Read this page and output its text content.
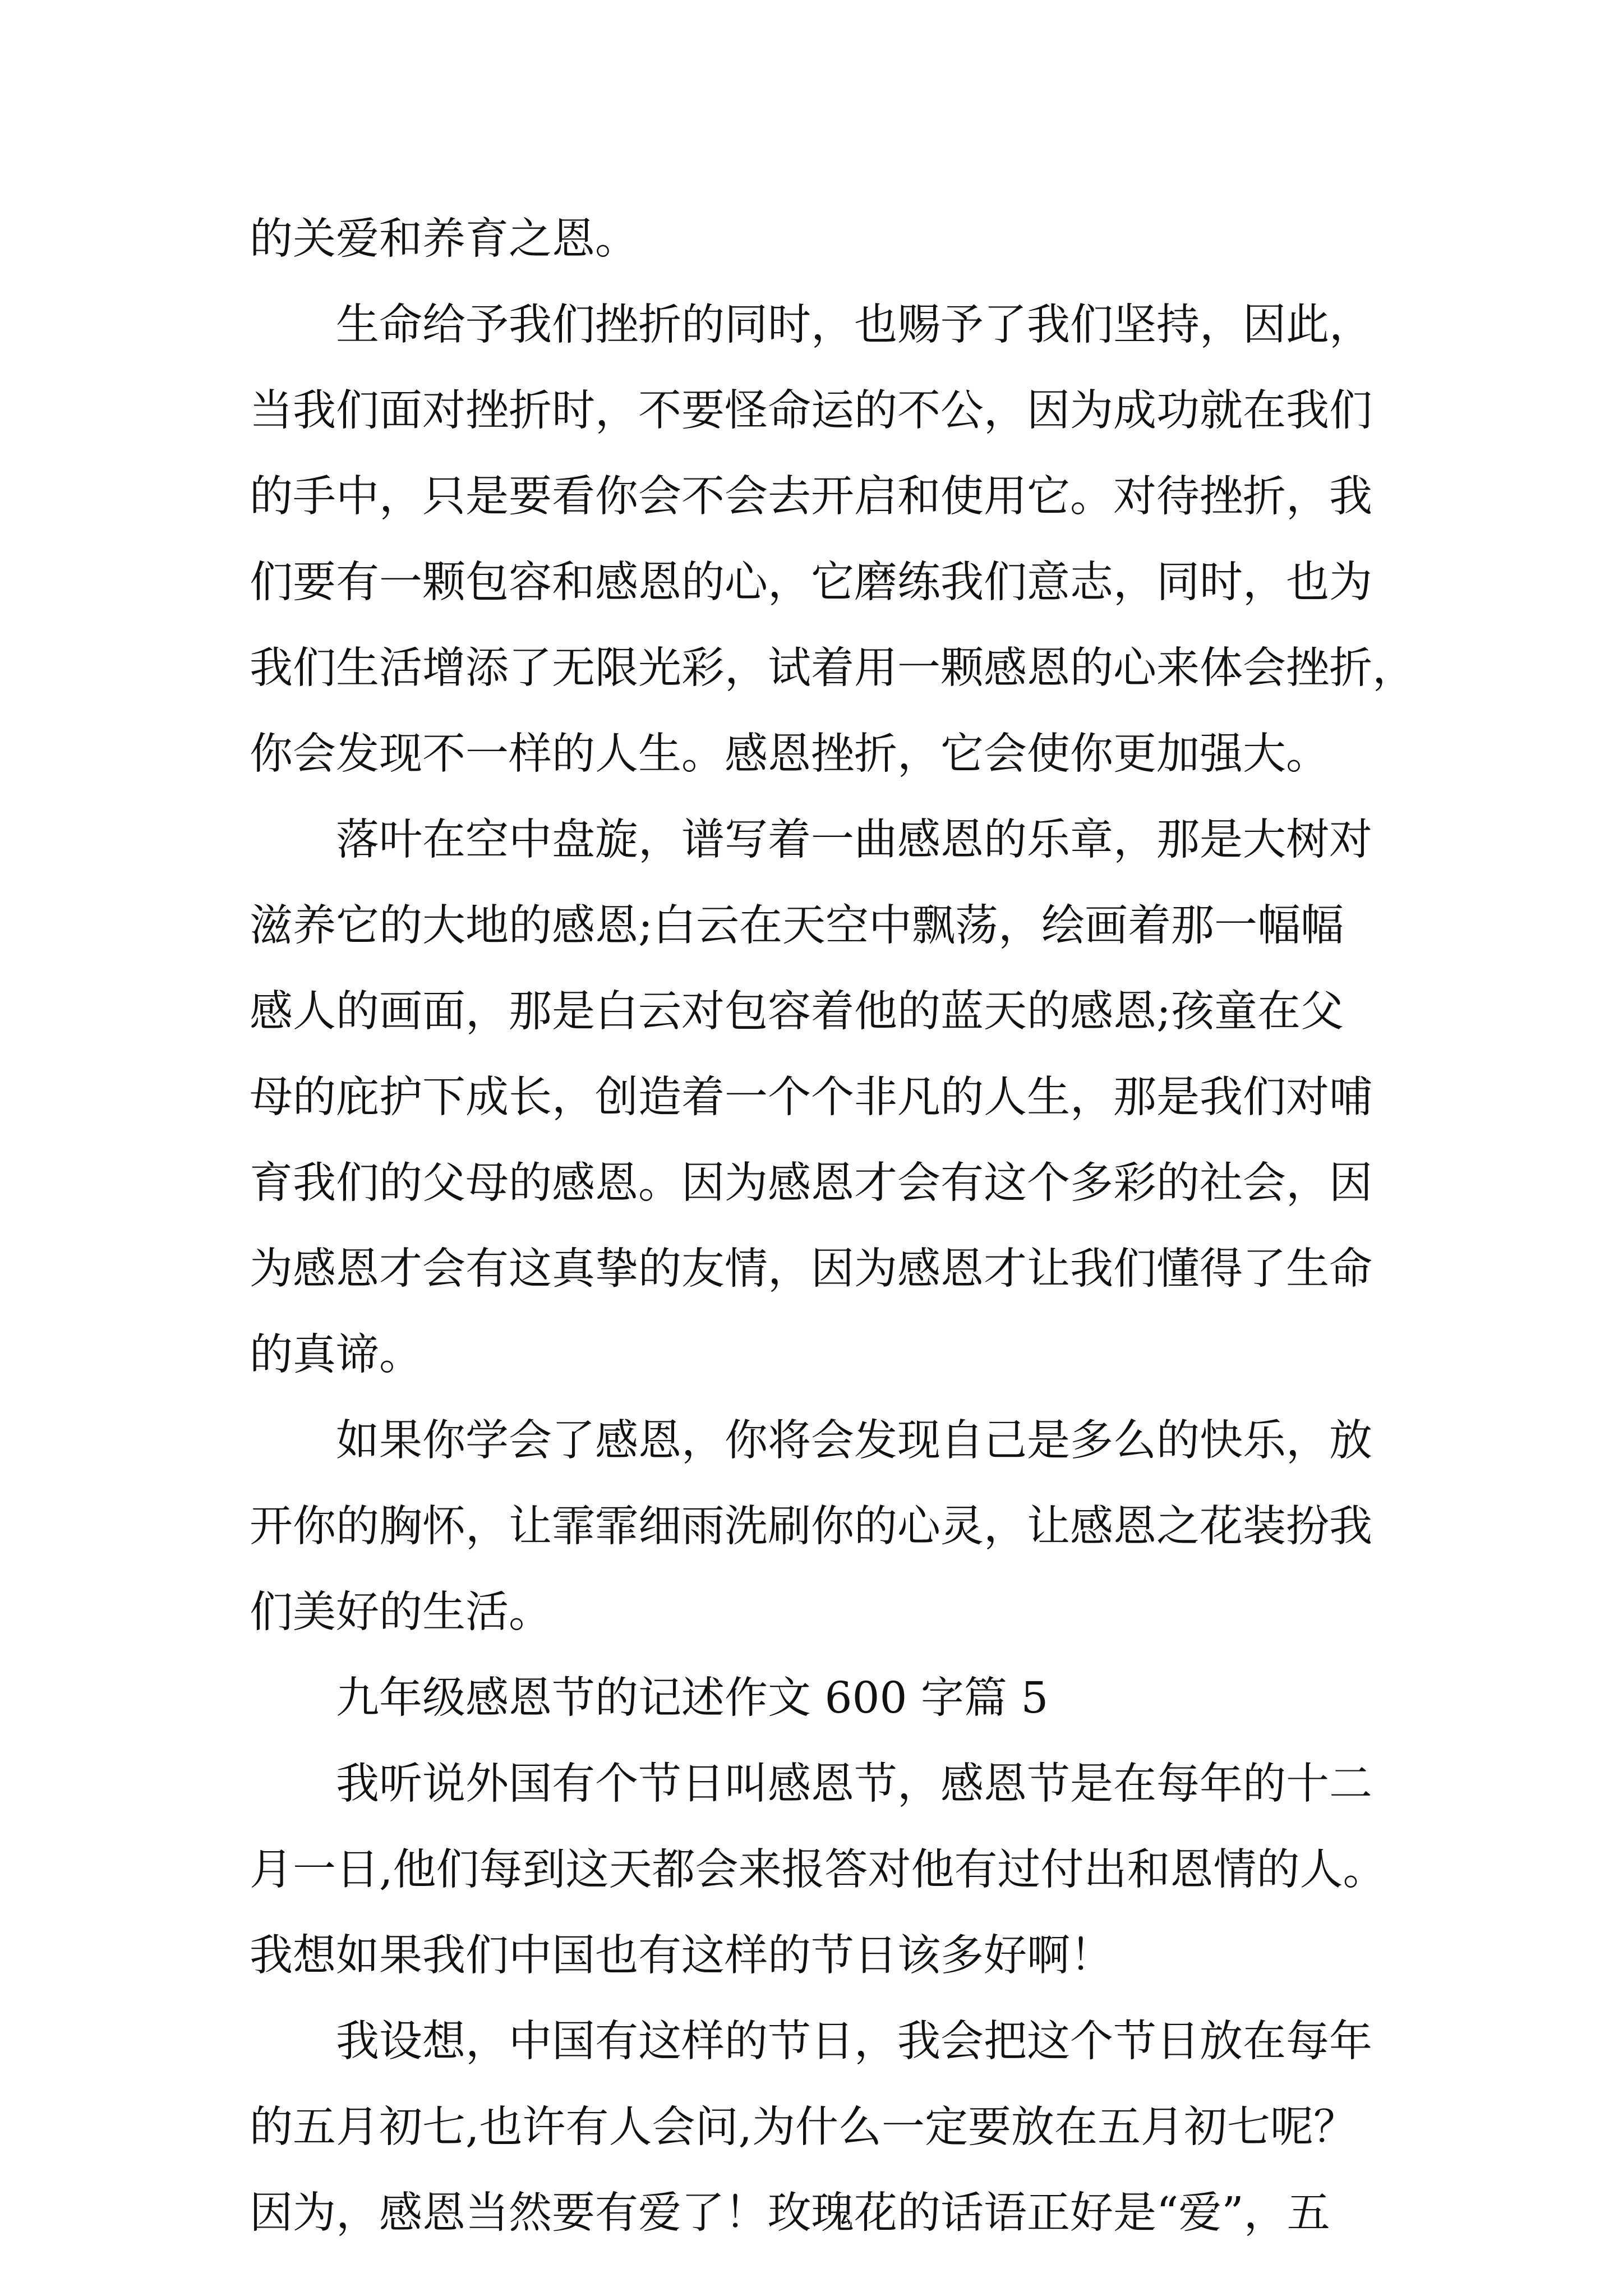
的关爱和养育之恩。
生命给予我们挫折的同时，也赐予了我们坚持，因此，
当我们面对挫折时，不要怪命运的不公，因为成功就在我们
的手中，只是要看你会不会去开启和使用它。对待挫折，我
们要有一颗包容和感恩的心，它磨练我们意志，同时，也为
我们生活增添了无限光彩，试着用一颗感恩的心来体会挫折，
你会发现不一样的人生。感恩挫折，它会使你更加强大。
落叶在空中盘旋，谱写着一曲感恩的乐章，那是大树对
滋养它的大地的感恩;白云在天空中飘荡，绘画着那一幅幅
感人的画面，那是白云对包容着他的蓝天的感恩;孩童在父
母的庇护下成长，创造着一个个非凡的人生，那是我们对哺
育我们的父母的感恩。因为感恩才会有这个多彩的社会，因
为感恩才会有这真挚的友情，因为感恩才让我们懂得了生命
的真谛。
如果你学会了感恩，你将会发现自己是多么的快乐，放
开你的胸怀，让霏霏细雨洗刷你的心灵，让感恩之花装扮我
们美好的生活。
九年级感恩节的记述作文 600 字篇 5
我听说外国有个节日叫感恩节，感恩节是在每年的十二
月一日,他们每到这天都会来报答对他有过付出和恩情的人。
我想如果我们中国也有这样的节日该多好啊！
我设想，中国有这样的节日，我会把这个节日放在每年
的五月初七,也许有人会问,为什么一定要放在五月初七呢？
因为，感恩当然要有爱了！玫瑰花的话语正好是“爱”，五
